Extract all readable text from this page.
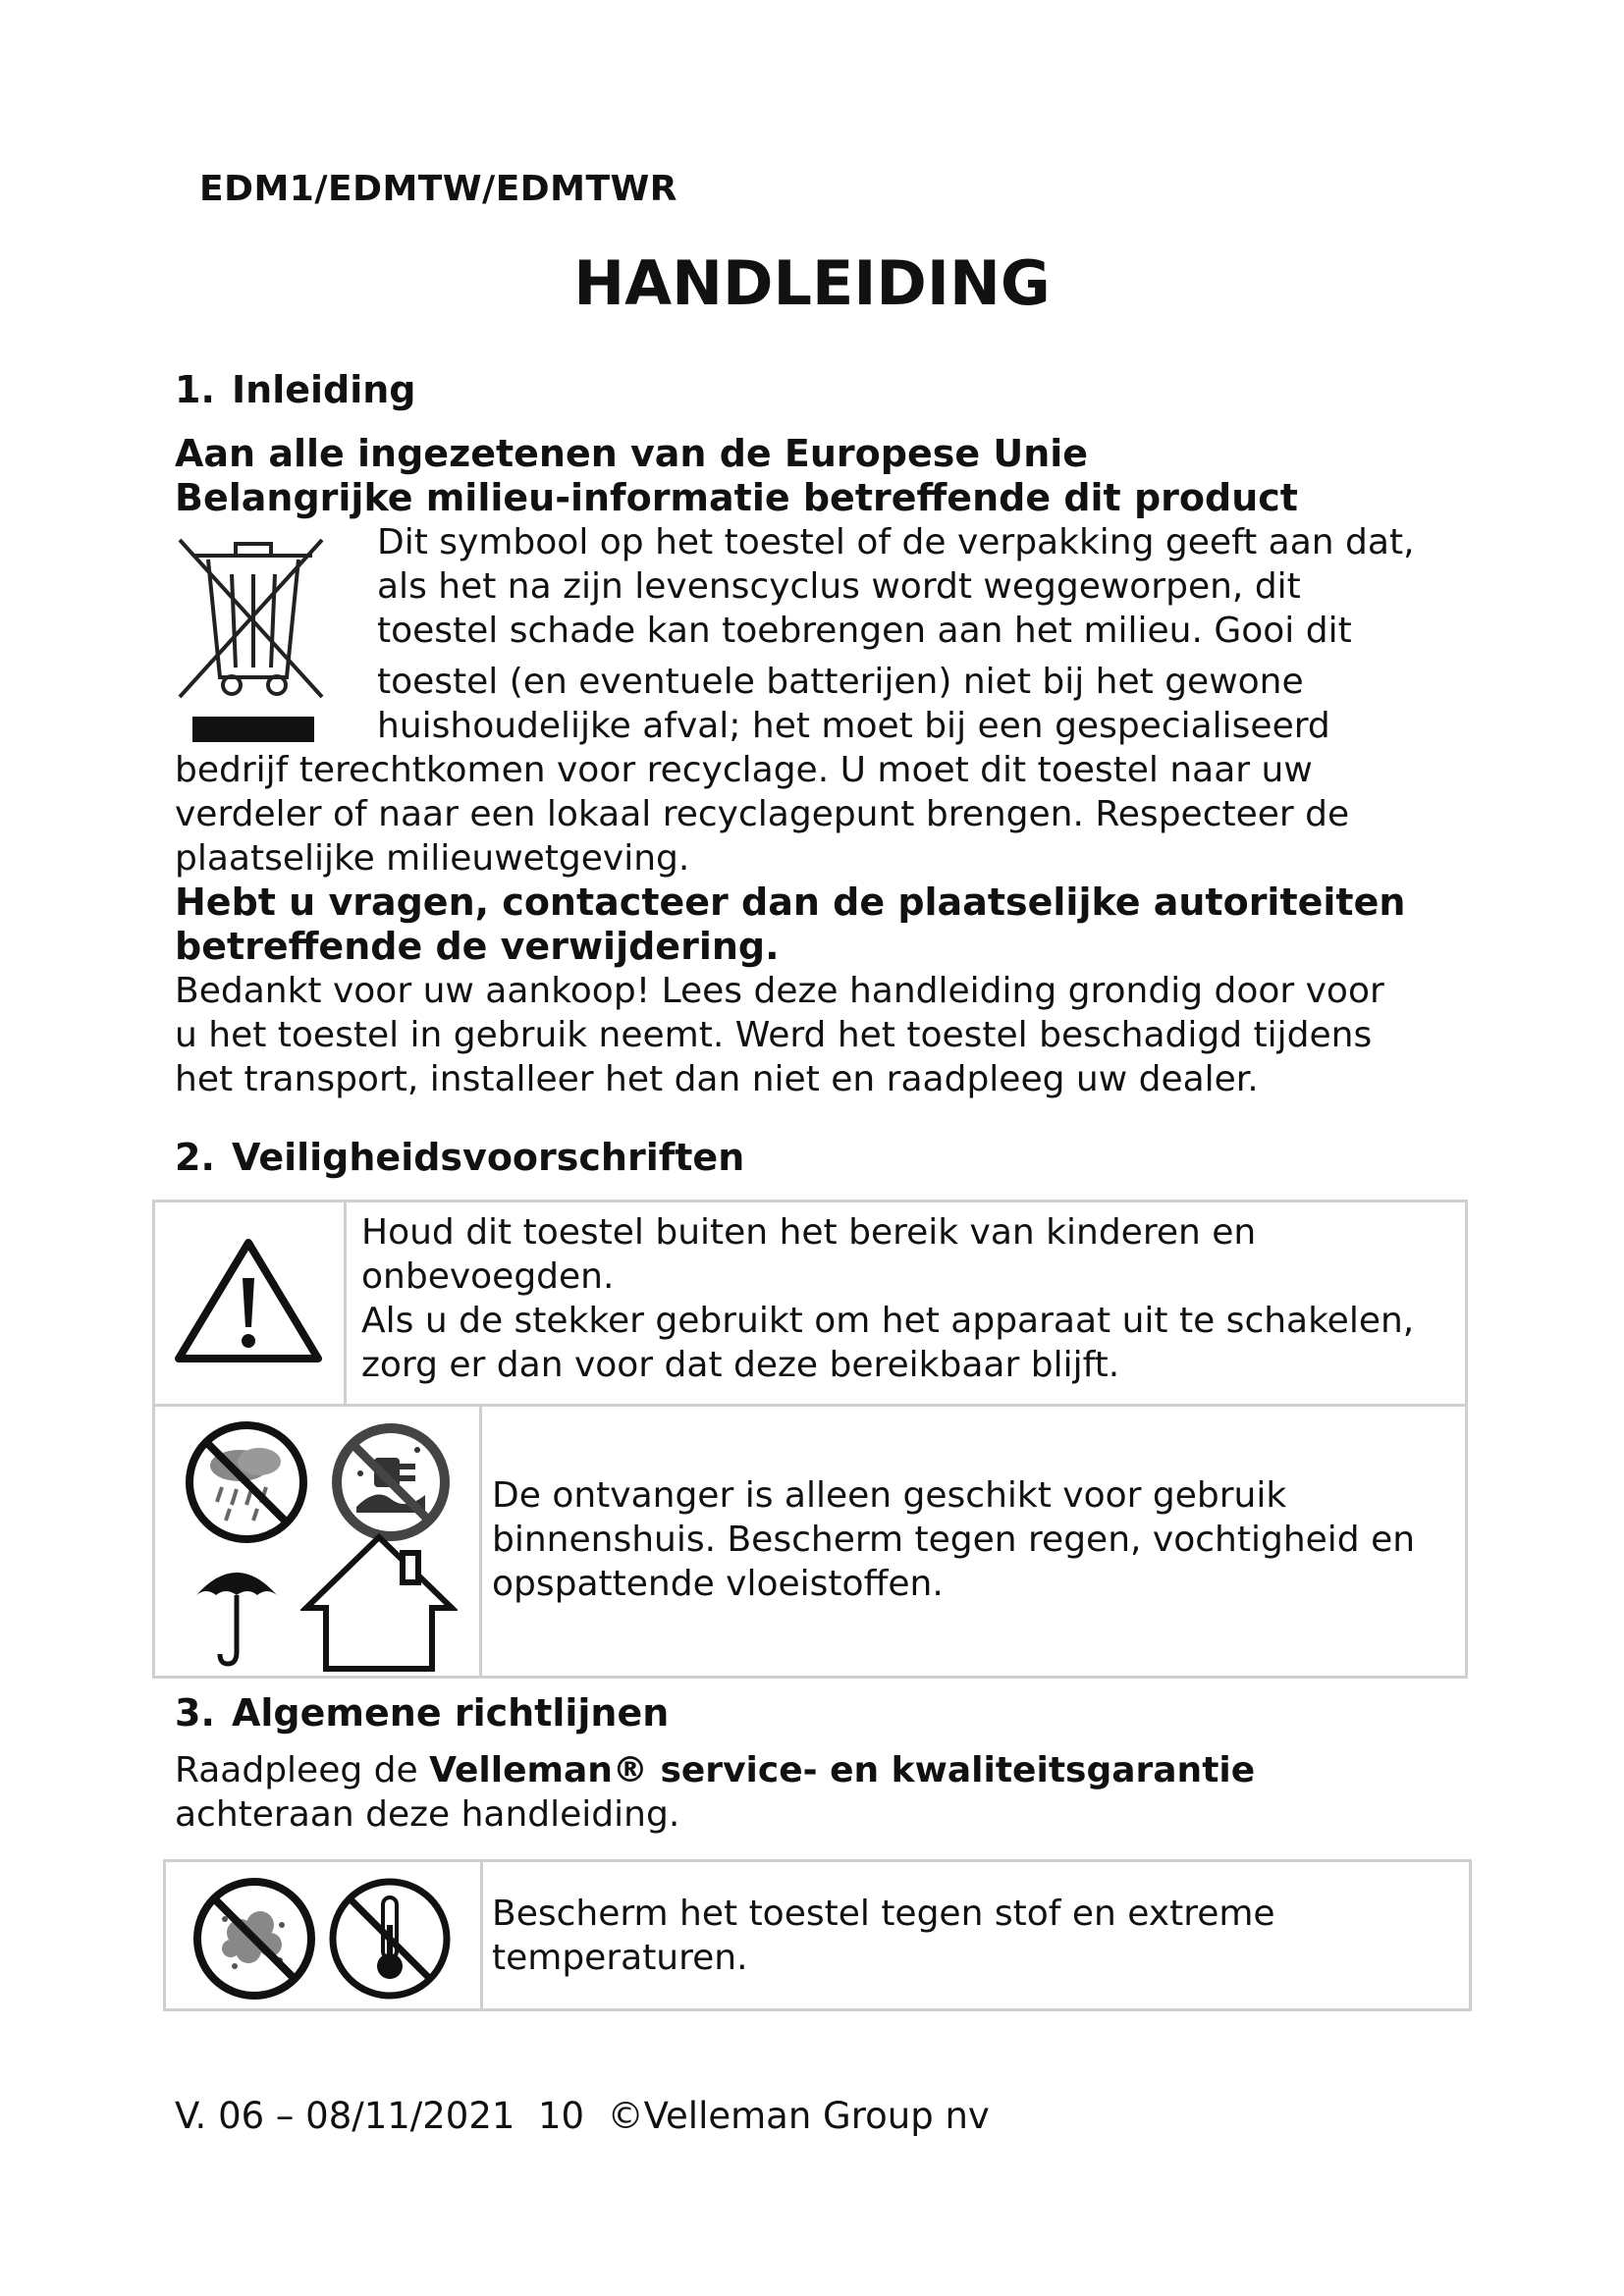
EDM1/EDMTW/EDMTWR
HANDLEIDING
1. Inleiding
Aan alle ingezetenen van de Europese Unie
Belangrijke milieu-informatie betreffende dit product

Dit symbool op het toestel of de verpakking geeft aan dat,

als het na zijn levenscyclus wordt weggeworpen, dit

toestel schade kan toebrengen aan het milieu. Gooi dit

toestel (en eventuele batterijen) niet bij het gewone

huishoudelijke afval; het moet bij een gespecialiseerd

bedrijf terechtkomen voor recyclage. U moet dit toestel naar uw

verdeler of naar een lokaal recyclagepunt brengen. Respecteer de

plaatselijke milieuwetgeving.

Hebt u vragen, contacteer dan de plaatselijke autoriteiten
betreffende de verwijdering.

Bedankt voor uw aankoop! Lees deze handleiding grondig door voor

u het toestel in gebruik neemt. Werd het toestel beschadigd tijdens

het transport, installeer het dan niet en raadpleeg uw dealer.

2. Veiligheidsvoorschriften
Houd dit toestel buiten het bereik van kinderen en
onbevoegden.
Als u de stekker gebruikt om het apparaat uit te schakelen,
zorg er dan voor dat deze bereikbaar blijft.
De ontvanger is alleen geschikt voor gebruik
binnenshuis. Bescherm tegen regen, vochtigheid en
opspattende vloeistoffen.
3. Algemene richtlijnen

Raadpleeg de Velleman® service- en kwaliteitsgarantie

achteraan deze handleiding.

Bescherm het toestel tegen stof en extreme
temperaturen.
V. 06 – 08/11/2021 10 ©Velleman Group nv
